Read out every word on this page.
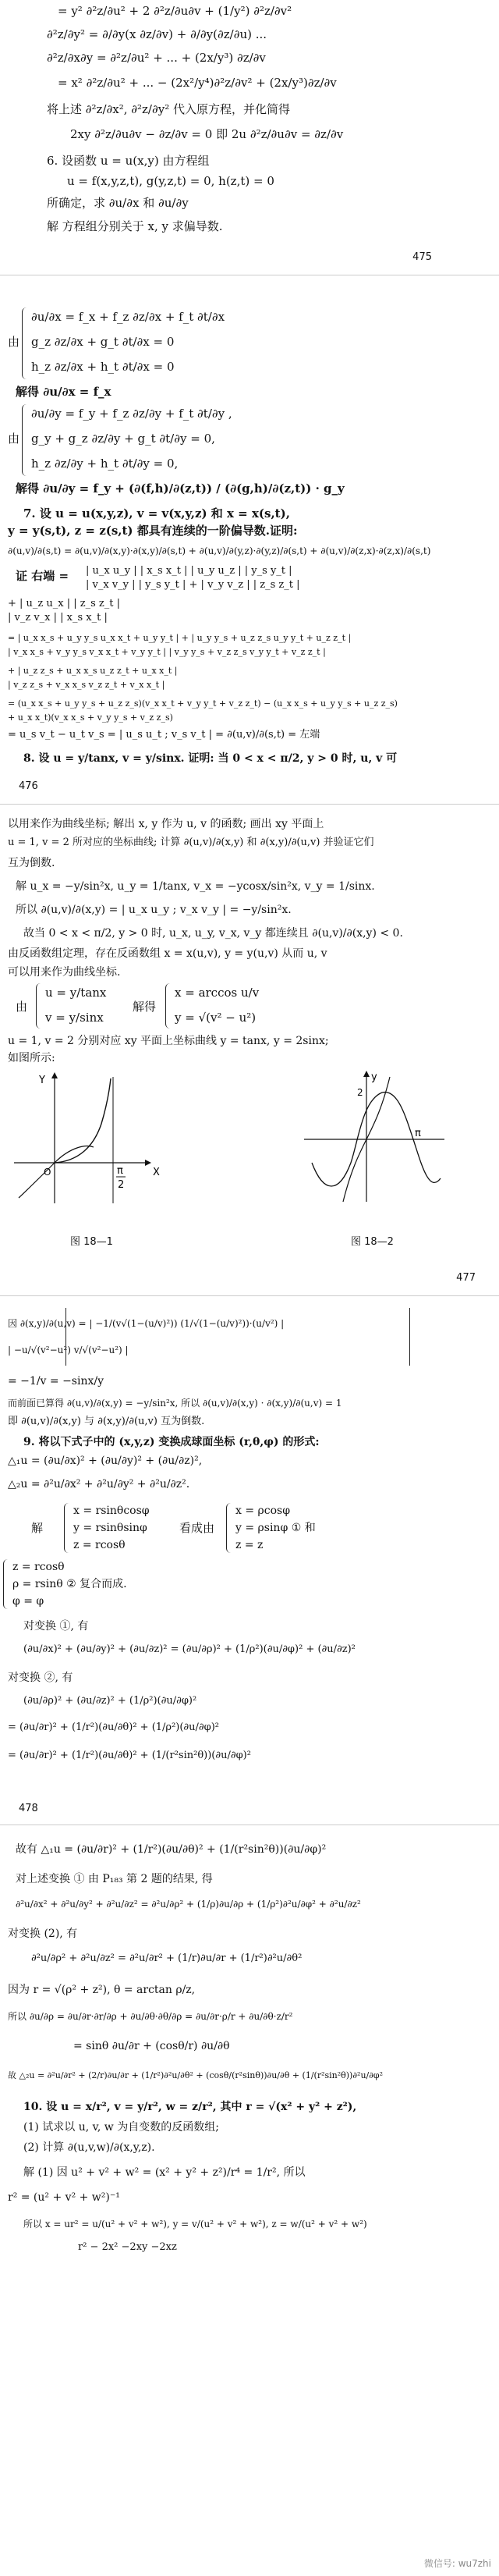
= y² ∂²z/∂u² + 2 ∂²z/∂u∂v + (1/y²) ∂²z/∂v²
∂²z/∂y² = ∂/∂y(x ∂z/∂v) + ∂/∂y(∂z/∂u) ...
∂²z/∂x∂y = ∂²z/∂u² + ... + (2x/y³) ∂z/∂v
= x² ∂²z/∂u² + ... − (2x²/y⁴)∂²z/∂v² + (2x/y³)∂z/∂v
将上述 ∂²z/∂x², ∂²z/∂y² 代入原方程，并化简得
2xy ∂²z/∂u∂v − ∂z/∂v = 0 即 2u ∂²z/∂u∂v = ∂z/∂v
6. 设函数 u = u(x,y) 由方程组
u = f(x,y,z,t), g(y,z,t) = 0, h(z,t) = 0
所确定，求 ∂u/∂x 和 ∂u/∂y
解 方程组分别关于 x, y 求偏导数.
475
∂u/∂x = f_x + f_z ∂z/∂x + f_t ∂t/∂x
由 g_z ∂z/∂x + g_t ∂t/∂x = 0
h_z ∂z/∂x + h_t ∂t/∂x = 0
解得 ∂u/∂x = f_x
∂u/∂y = f_y + f_z ∂z/∂y + f_t ∂t/∂y ,
由 g_y + g_z ∂z/∂y + g_t ∂t/∂y = 0,
h_z ∂z/∂y + h_t ∂t/∂y = 0,
解得 ∂u/∂y = f_y + (∂(f,h)/∂(z,t)) / (∂(g,h)/∂(z,t)) · g_y
7. 设 u = u(x,y,z), v = v(x,y,z) 和 x = x(s,t),
y = y(s,t), z = z(s,t) 都具有连续的一阶偏导数.证明:
∂(u,v)/∂(s,t) = ∂(u,v)/∂(x,y)·∂(x,y)/∂(s,t) + ∂(u,v)/∂(y,z)·∂(y,z)/∂(s,t) + ∂(u,v)/∂(z,x)·∂(z,x)/∂(s,t)
证 右端 = | u_x u_y | | x_s x_t | | u_y u_z | | y_s y_t |
| v_x v_y | | y_s y_t | + | v_y v_z | | z_s z_t |
+ | u_z u_x | | z_s z_t |
| v_z v_x | | x_s x_t |
= | u_x x_s + u_y y_s u_x x_t + u_y y_t | + | u_y y_s + u_z z_s u_y y_t + u_z z_t |
| v_x x_s + v_y y_s v_x x_t + v_y y_t | | v_y y_s + v_z z_s v_y y_t + v_z z_t |
+ | u_z z_s + u_x x_s u_z z_t + u_x x_t |
| v_z z_s + v_x x_s v_z z_t + v_x x_t |
= (u_x x_s + u_y y_s + u_z z_s)(v_x x_t + v_y y_t + v_z z_t) − (u_x x_s + u_y y_s + u_z z_s)
+ u_x x_t)(v_x x_s + v_y y_s + v_z z_s)
= u_s v_t − u_t v_s = | u_s u_t ; v_s v_t | = ∂(u,v)/∂(s,t) = 左端
8. 设 u = y/tanx, v = y/sinx. 证明: 当 0 < x < π/2, y > 0 时, u, v 可
476
以用来作为曲线坐标; 解出 x, y 作为 u, v 的函数; 画出 xy 平面上
u = 1, v = 2 所对应的坐标曲线; 计算 ∂(u,v)/∂(x,y) 和 ∂(x,y)/∂(u,v) 并验证它们
互为倒数.
解 u_x = −y/sin²x, u_y = 1/tanx, v_x = −ycosx/sin²x, v_y = 1/sinx.
所以 ∂(u,v)/∂(x,y) = | u_x u_y ; v_x v_y | = −y/sin²x.
故当 0 < x < π/2, y > 0 时, u_x, u_y, v_x, v_y 都连续且 ∂(u,v)/∂(x,y) < 0.
由反函数组定理，存在反函数组 x = x(u,v), y = y(u,v) 从而 u, v
可以用来作为曲线坐标.
由
u = y/tanx
v = y/sinx
解得
x = arccos u/v
y = √(v² − u²)
u = 1, v = 2 分别对应 xy 平面上坐标曲线 y = tanx, y = 2sinx;
如图所示:
Y
X
O	π
2
y
2
π
图 18—1	图 18—2
477
因 ∂(x,y)/∂(u,v) = | −1/(v√(1−(u/v)²)) (1/√(1−(u/v)²))·(u/v²) |
| −u/√(v²−u²) v/√(v²−u²) |
= −1/v = −sinx/y
而前面已算得 ∂(u,v)/∂(x,y) = −y/sin²x, 所以 ∂(u,v)/∂(x,y) · ∂(x,y)/∂(u,v) = 1
即 ∂(u,v)/∂(x,y) 与 ∂(x,y)/∂(u,v) 互为倒数.
9. 将以下式子中的 (x,y,z) 变换成球面坐标 (r,θ,φ) 的形式:
△₁u = (∂u/∂x)² + (∂u/∂y)² + (∂u/∂z)²,
△₂u = ∂²u/∂x² + ∂²u/∂y² + ∂²u/∂z².
解
x = rsinθcosφ
y = rsinθsinφ
z = rcosθ
看成由
x = ρcosφ
y = ρsinφ ① 和
z = z
z = rcosθ
ρ = rsinθ ② 复合而成.
φ = φ
对变换 ①, 有
(∂u/∂x)² + (∂u/∂y)² + (∂u/∂z)² = (∂u/∂ρ)² + (1/ρ²)(∂u/∂φ)² + (∂u/∂z)²
对变换 ②, 有
(∂u/∂ρ)² + (∂u/∂z)² + (1/ρ²)(∂u/∂φ)²
= (∂u/∂r)² + (1/r²)(∂u/∂θ)² + (1/ρ²)(∂u/∂φ)²
= (∂u/∂r)² + (1/r²)(∂u/∂θ)² + (1/(r²sin²θ))(∂u/∂φ)²
478
故有 △₁u = (∂u/∂r)² + (1/r²)(∂u/∂θ)² + (1/(r²sin²θ))(∂u/∂φ)²
对上述变换 ① 由 P₁₈₃ 第 2 题的结果, 得
∂²u/∂x² + ∂²u/∂y² + ∂²u/∂z² = ∂²u/∂ρ² + (1/ρ)∂u/∂ρ + (1/ρ²)∂²u/∂φ² + ∂²u/∂z²
对变换 (2), 有
∂²u/∂ρ² + ∂²u/∂z² = ∂²u/∂r² + (1/r)∂u/∂r + (1/r²)∂²u/∂θ²
因为 r = √(ρ² + z²), θ = arctan ρ/z,
所以 ∂u/∂ρ = ∂u/∂r·∂r/∂ρ + ∂u/∂θ·∂θ/∂ρ = ∂u/∂r·ρ/r + ∂u/∂θ·z/r²
= sinθ ∂u/∂r + (cosθ/r) ∂u/∂θ
故 △₂u = ∂²u/∂r² + (2/r)∂u/∂r + (1/r²)∂²u/∂θ² + (cosθ/(r²sinθ))∂u/∂θ + (1/(r²sin²θ))∂²u/∂φ²
10. 设 u = x/r², v = y/r², w = z/r², 其中 r = √(x² + y² + z²),
(1) 试求以 u, v, w 为自变数的反函数组;
(2) 计算 ∂(u,v,w)/∂(x,y,z).
解 (1) 因 u² + v² + w² = (x² + y² + z²)/r⁴ = 1/r², 所以
r² = (u² + v² + w²)⁻¹
所以 x = ur² = u/(u² + v² + w²), y = v/(u² + v² + w²), z = w/(u² + v² + w²)
r² − 2x² −2xy −2xz
微信号: wu7zhi
